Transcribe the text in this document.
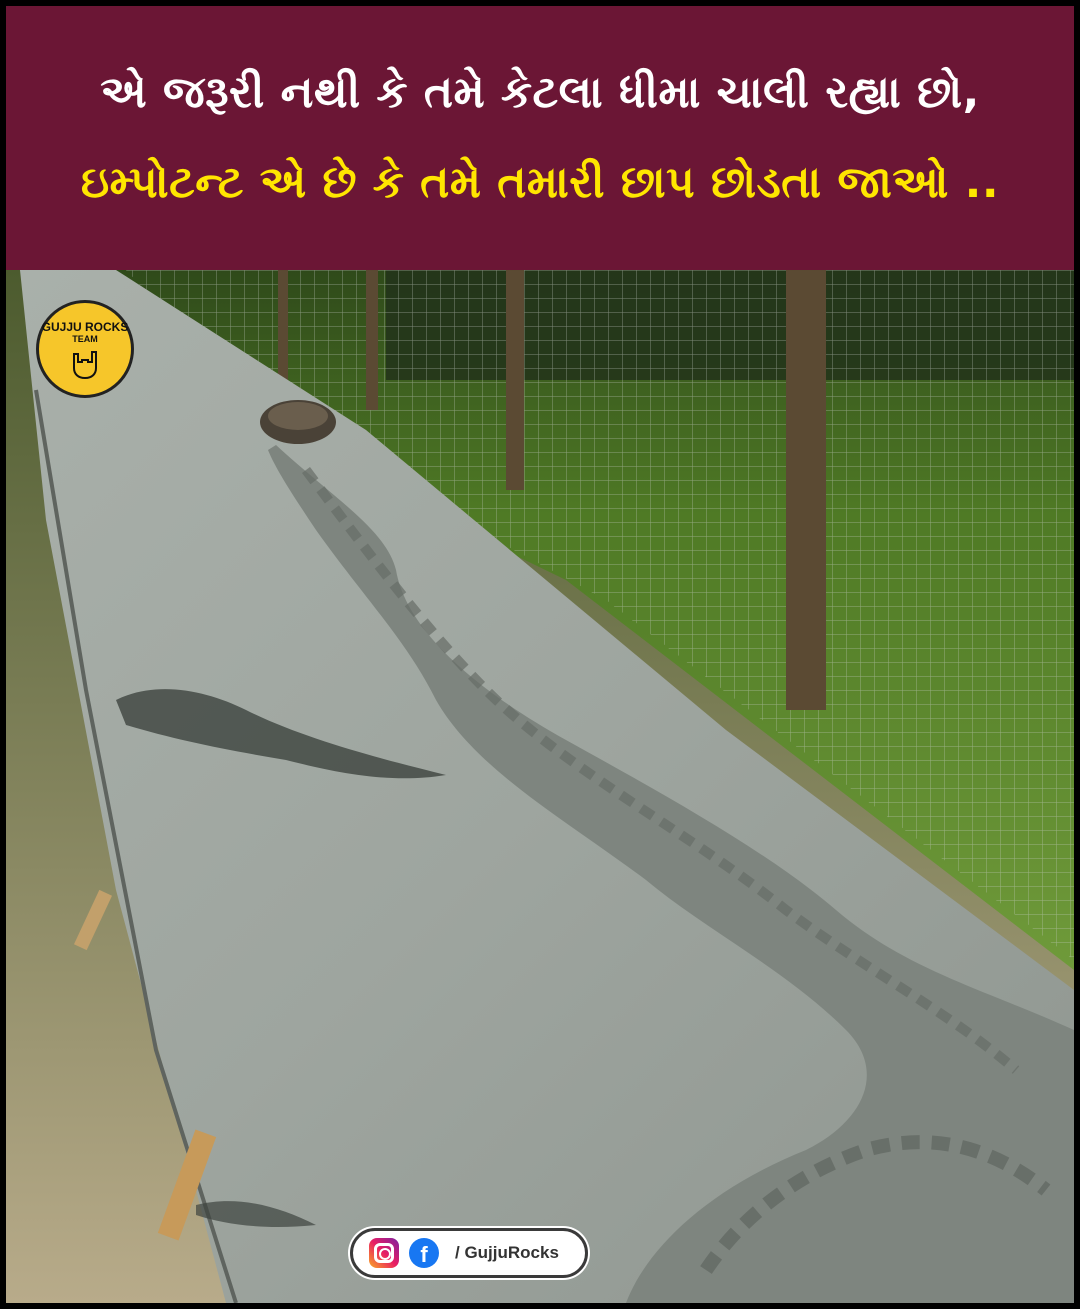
એ જરૂરી નથી કે તમે કેટલા ધીમા ચાલી રહ્યા છો,
ઇમ્પોટન્ટ એ છે કે તમે તમારી છાપ છોડતા જાઓ ..
GUJJU ROCKS
TEAM
f	/ GujjuRocks
